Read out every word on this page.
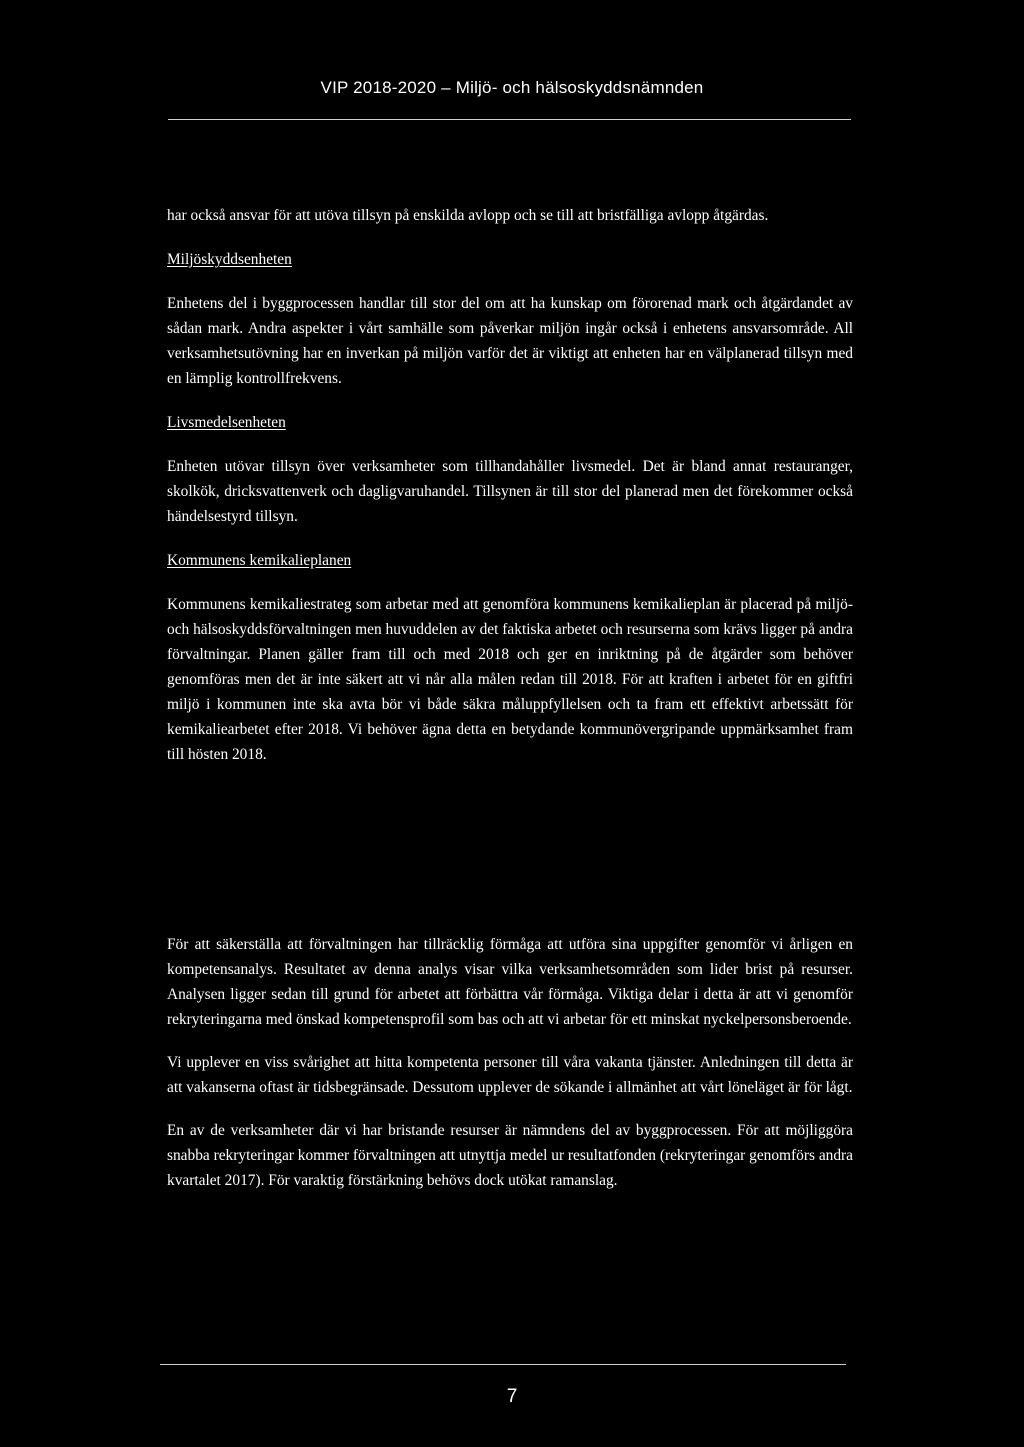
VIP 2018-2020 – Miljö- och hälsoskyddsnämnden

har också ansvar för att utöva tillsyn på enskilda avlopp och se till att bristfälliga avlopp åtgärdas.

Miljöskyddsenheten

Enhetens del i byggprocessen handlar till stor del om att ha kunskap om förorenad mark och åtgärdandet av sådan mark. Andra aspekter i vårt samhälle som påverkar miljön ingår också i enhetens ansvarsområde. All verksamhetsutövning har en inverkan på miljön varför det är viktigt att enheten har en välplanerad tillsyn med en lämplig kontrollfrekvens.

Livsmedelsenheten

Enheten utövar tillsyn över verksamheter som tillhandahåller livsmedel. Det är bland annat restauranger, skolkök, dricksvattenverk och dagligvaruhandel. Tillsynen är till stor del planerad men det förekommer också händelsestyrd tillsyn.

Kommunens kemikalieplanen

Kommunens kemikaliestrateg som arbetar med att genomföra kommunens kemikalieplan är placerad på miljö-och hälsoskyddsförvaltningen men huvuddelen av det faktiska arbetet och resurserna som krävs ligger på andra förvaltningar. Planen gäller fram till och med 2018 och ger en inriktning på de åtgärder som behöver genomföras men det är inte säkert att vi når alla målen redan till 2018. För att kraften i arbetet för en giftfri miljö i kommunen inte ska avta bör vi både säkra måluppfyllelsen och ta fram ett effektivt arbetssätt för kemikaliearbetet efter 2018. Vi behöver ägna detta en betydande kommunövergripande uppmärksamhet fram till hösten 2018.

För att säkerställa att förvaltningen har tillräcklig förmåga att utföra sina uppgifter genomför vi årligen en kompetensanalys. Resultatet av denna analys visar vilka verksamhetsområden som lider brist på resurser. Analysen ligger sedan till grund för arbetet att förbättra vår förmåga. Viktiga delar i detta är att vi genomför rekryteringarna med önskad kompetensprofil som bas och att vi arbetar för ett minskat nyckelpersonsberoende.

Vi upplever en viss svårighet att hitta kompetenta personer till våra vakanta tjänster. Anledningen till detta är att vakanserna oftast är tidsbegränsade. Dessutom upplever de sökande i allmänhet att vårt löneläget är för lågt.

En av de verksamheter där vi har bristande resurser är nämndens del av byggprocessen. För att möjliggöra snabba rekryteringar kommer förvaltningen att utnyttja medel ur resultatfonden (rekryteringar genomförs andra kvartalet 2017). För varaktig förstärkning behövs dock utökat ramanslag.

7
